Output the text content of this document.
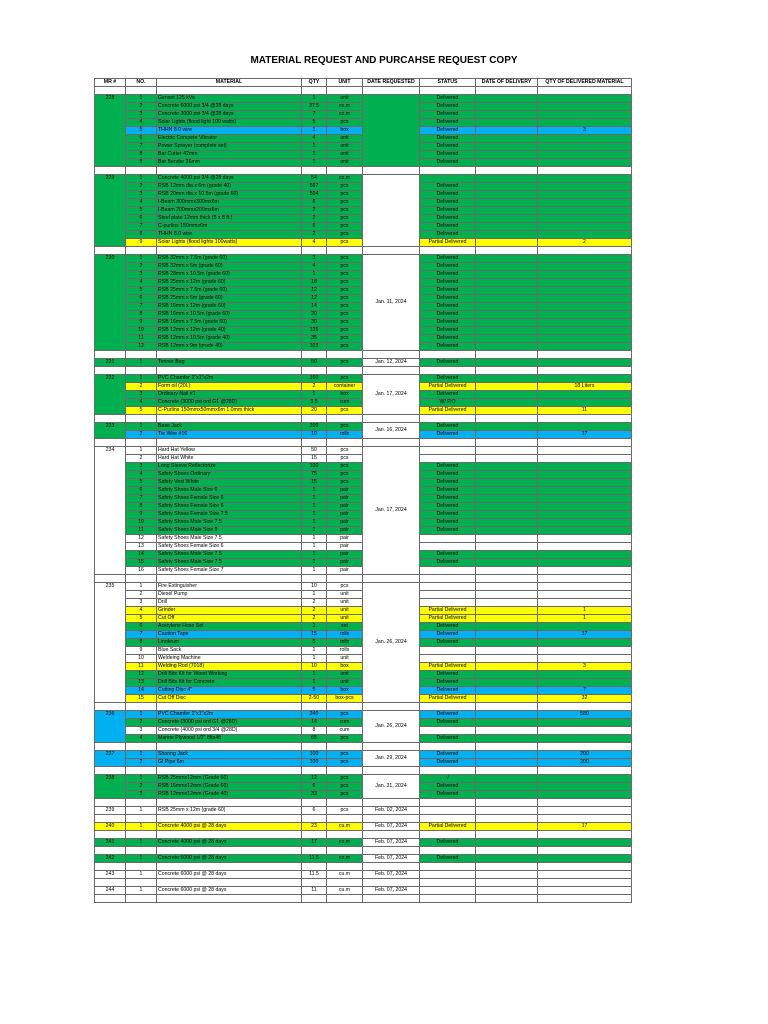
MATERIAL REQUEST AND PURCAHSE REQUEST COPY
MR #	NO.	MATERIAL	QTY	UNIT	DATE REQUESTED	STATUS	DATE OF DELIVERY	QTY OF DELIVERED MATERIAL

228	1	Genset 125 kVa	1	unit		Delivered		
	2	Concrete 6000 psi 3/4 @28 days	37.5	cu.m		Delivered		
	3	Concrete 3000 psi 3/4 @28 days	7	cu.m		Delivered		
	4	Solar Lights (flood light 100 watts)	5	pcs		Delivered		
	5	THHN 8.0 wire	1	box		Delivered		3
	6	Electric Concrete Vibrator	4	unit		Delivered		
	7	Power Sprayer (complete set)	1	unit		Delivered		
	8	Bar Cutter 42mm	1	unit		Delivered		
	9	Bar Bender 36mm	1	unit		Delivered		

229	1	Concrete 4000 psi 3/4 @28 days	54	cu.m				
	2	RSB 12mm dia.x 6m (grade 40)	567	pcs		Delivered		
	3	RSB 20mm dia.x 10.5m (grade 60)	504	pcs		Delivered		
	4	I-Beam 300mmx300mx6m	6	pcs		Delivered		
	5	I-Beam 200mmx200mx6m	2	pcs		Delivered		
	6	Steel plate 12mm thick (5 x 8 ft.)	2	pcs		Delivered		
	7	C-purlins 150mmx6m	6	pcs		Delivered		
	8	THHN 8.0 wire	2	pcs		Delivered		
	9	Solar Lights (flood lights 100watts)	4	pcs		Partial Delivered		2

230	1	RSB 32mm x 7.5m (grade 60)	3	pcs	Jan. 11, 2024	Delivered		
	2	RSB 32mm x 6m (grade 60)	4	pcs		Delivered		
	3	RSB 28mm x 10.5m (grade 60)	1	pcs		Delivered		
	4	RSB 25mm x 12m (grade 60)	18	pcs		Delivered		
	5	RSB 25mm x 7.5m (grade 60)	12	pcs		Delivered		
	6	RSB 25mm x 6m (grade 60)	12	pcs		Delivered		
	7	RSB 16mm x 12m (grade 60)	14	pcs		Delivered		
	8	RSB 16mm x 10.5m (grade 60)	20	pcs		Delivered		
	9	RSB 16mm x 7.5m (grade 60)	30	pcs		Delivered		
	10	RSB 12mm x 12m (grade 40)	135	pcs		Delivered		
	11	RSB 12mm x 10.5m (grade 40)	35	pcs		Delivered		
	12	RSB 12mm x 9m (grade 40)	103	pcs		Delivered		

231	1	Tenner Bag	50	pcs	Jan. 12, 2024	Delivered		

232	1	PVC Chamfer 1"x1"x2m	160	pcs	Jan. 17, 2024	Delivered		
	2	Form oil (20L)	2	container		Partial Delivered		18 Liters
	3	Ordinary Nail #1	1	box		Delivered		
	4	Concrete (3000 psi ord G1 @28D)	3.5	cum		W/ P.O		
	5	C-Purlins 150mmx50mmx6m 1.0mm thick	20	pcs		Partial Delivered		11

233	1	Base Jack	200	pcs	Jan. 16, 2024	Delivered		
	2	Tie Wire #16	10	rolls		Delivered		17

234	1	Hard Hat Yellow	50	pcs	Jan. 17, 2024			
	2	Hard Hat White	15	pcs				
	3	Long Sleeve Reflectorize	100	pcs		Delivered		
	4	Safety Shoes Ordinary	75	pcs		Delivered		
	5	Safety Vest White	15	pcs		Delivered		
	6	Safety Shoes Male Size 6	1	pair		Delivered		
	7	Safety Shoes Female Size 6	1	pair		Delivered		
	8	Safety Shoes Female Size 6	1	pair		Delivered		
	9	Safety Shoes Female Size 7.5	1	pair		Delivered		
	10	Safety Shoes Male Size 7.5	1	pair		Delivered		
	11	Safety Shoes Male Size 9	1	pair		Delivered		
	12	Safety Shoes Male Size 7.5	1	pair				
	13	Safety Shoes Female Size 6	1	pair				
	14	Safety Shoes Male Size 7.5	1	pair		Delivered		
	15	Safety Shoes Male Size 7.5	1	pair		Delivered		
	16	Safety Shoes Female Size 7	1	pair				

235	1	Fire Extinguisher	10	pcs	Jan. 26, 2024			
	2	Diesel Pump	1	unit				
	3	Drill	2	unit				
	4	Grinder	2	unit		Partial Delivered		1
	5	Cut Off	2	unit		Partial Delivered		1
	6	Acetylene Hose Set	1	set		Delivered		
	7	Caution Tape	15	rolls		Delivered		17
	8	Linoleum	5	rolls		Delivered		
	9	Blue Sack	1	rolls				
	10	Weldeing Machine	1	unit				
	11	Welding Rod (7018)	10	box		Partial Delivered		3
	12	Drill Bits Kit for Wood Working	1	unit		Delivered		
	13	Drill Bits Kit for Concrete	1	unit		Delivered		
	14	Cutting Disc 4"	5	box		Delivered		7
	15	Cut Off Disc	2-50	box-pcs		Partial Delivered		32

236	1	PVC Chamfer 1"x1"x2m	240	pcs	Jan. 26, 2024	Delivered		580
	2	Concrete (3000 psi ord G1 @28D)	14	cum		Delivered		
	3	Concrete (4000 psi ord 3/4 @28D)	8	cum				
	4	Marine Plywood 1/2" 8ftx4ft	65	pcs		Delivered		

237	1	Shoring Jack	100	pcs	Jan. 29, 2024	Delivered		200
	2	GI Pipe 6m	100	pcs		Delivered		200

238	1	RSB 25mmx12mm (Grade 60)	12	pcs	Jan. 31, 2024	√		
	2	RSB 16mmx12mm (Grade 60)	6	pcs		Delivered		
	3	RSB 12mmx12mm (Grade 40)	33	pcs		Delivered		

239	1	RSB 25mm x 12m (grade 60)	6	pcs	Feb. 02, 2024			

240	1	Concrete 4000 psi @ 28 days	23	cu.m	Feb. 07, 2024	Partial Delivered		17

241	1	Concrete 4000 psi @ 28 days	17	cu.m	Feb. 07, 2024	Delivered		

242	1	Concrete 6000 psi @ 28 days	11.5	cu.m	Feb. 07, 2024	Delivered		

243	1	Concrete 6000 psi @ 28 days	11.5	cu.m	Feb. 07, 2024			

244	1	Concrete 6000 psi @ 28 days	11	cu.m	Feb. 07, 2024			
